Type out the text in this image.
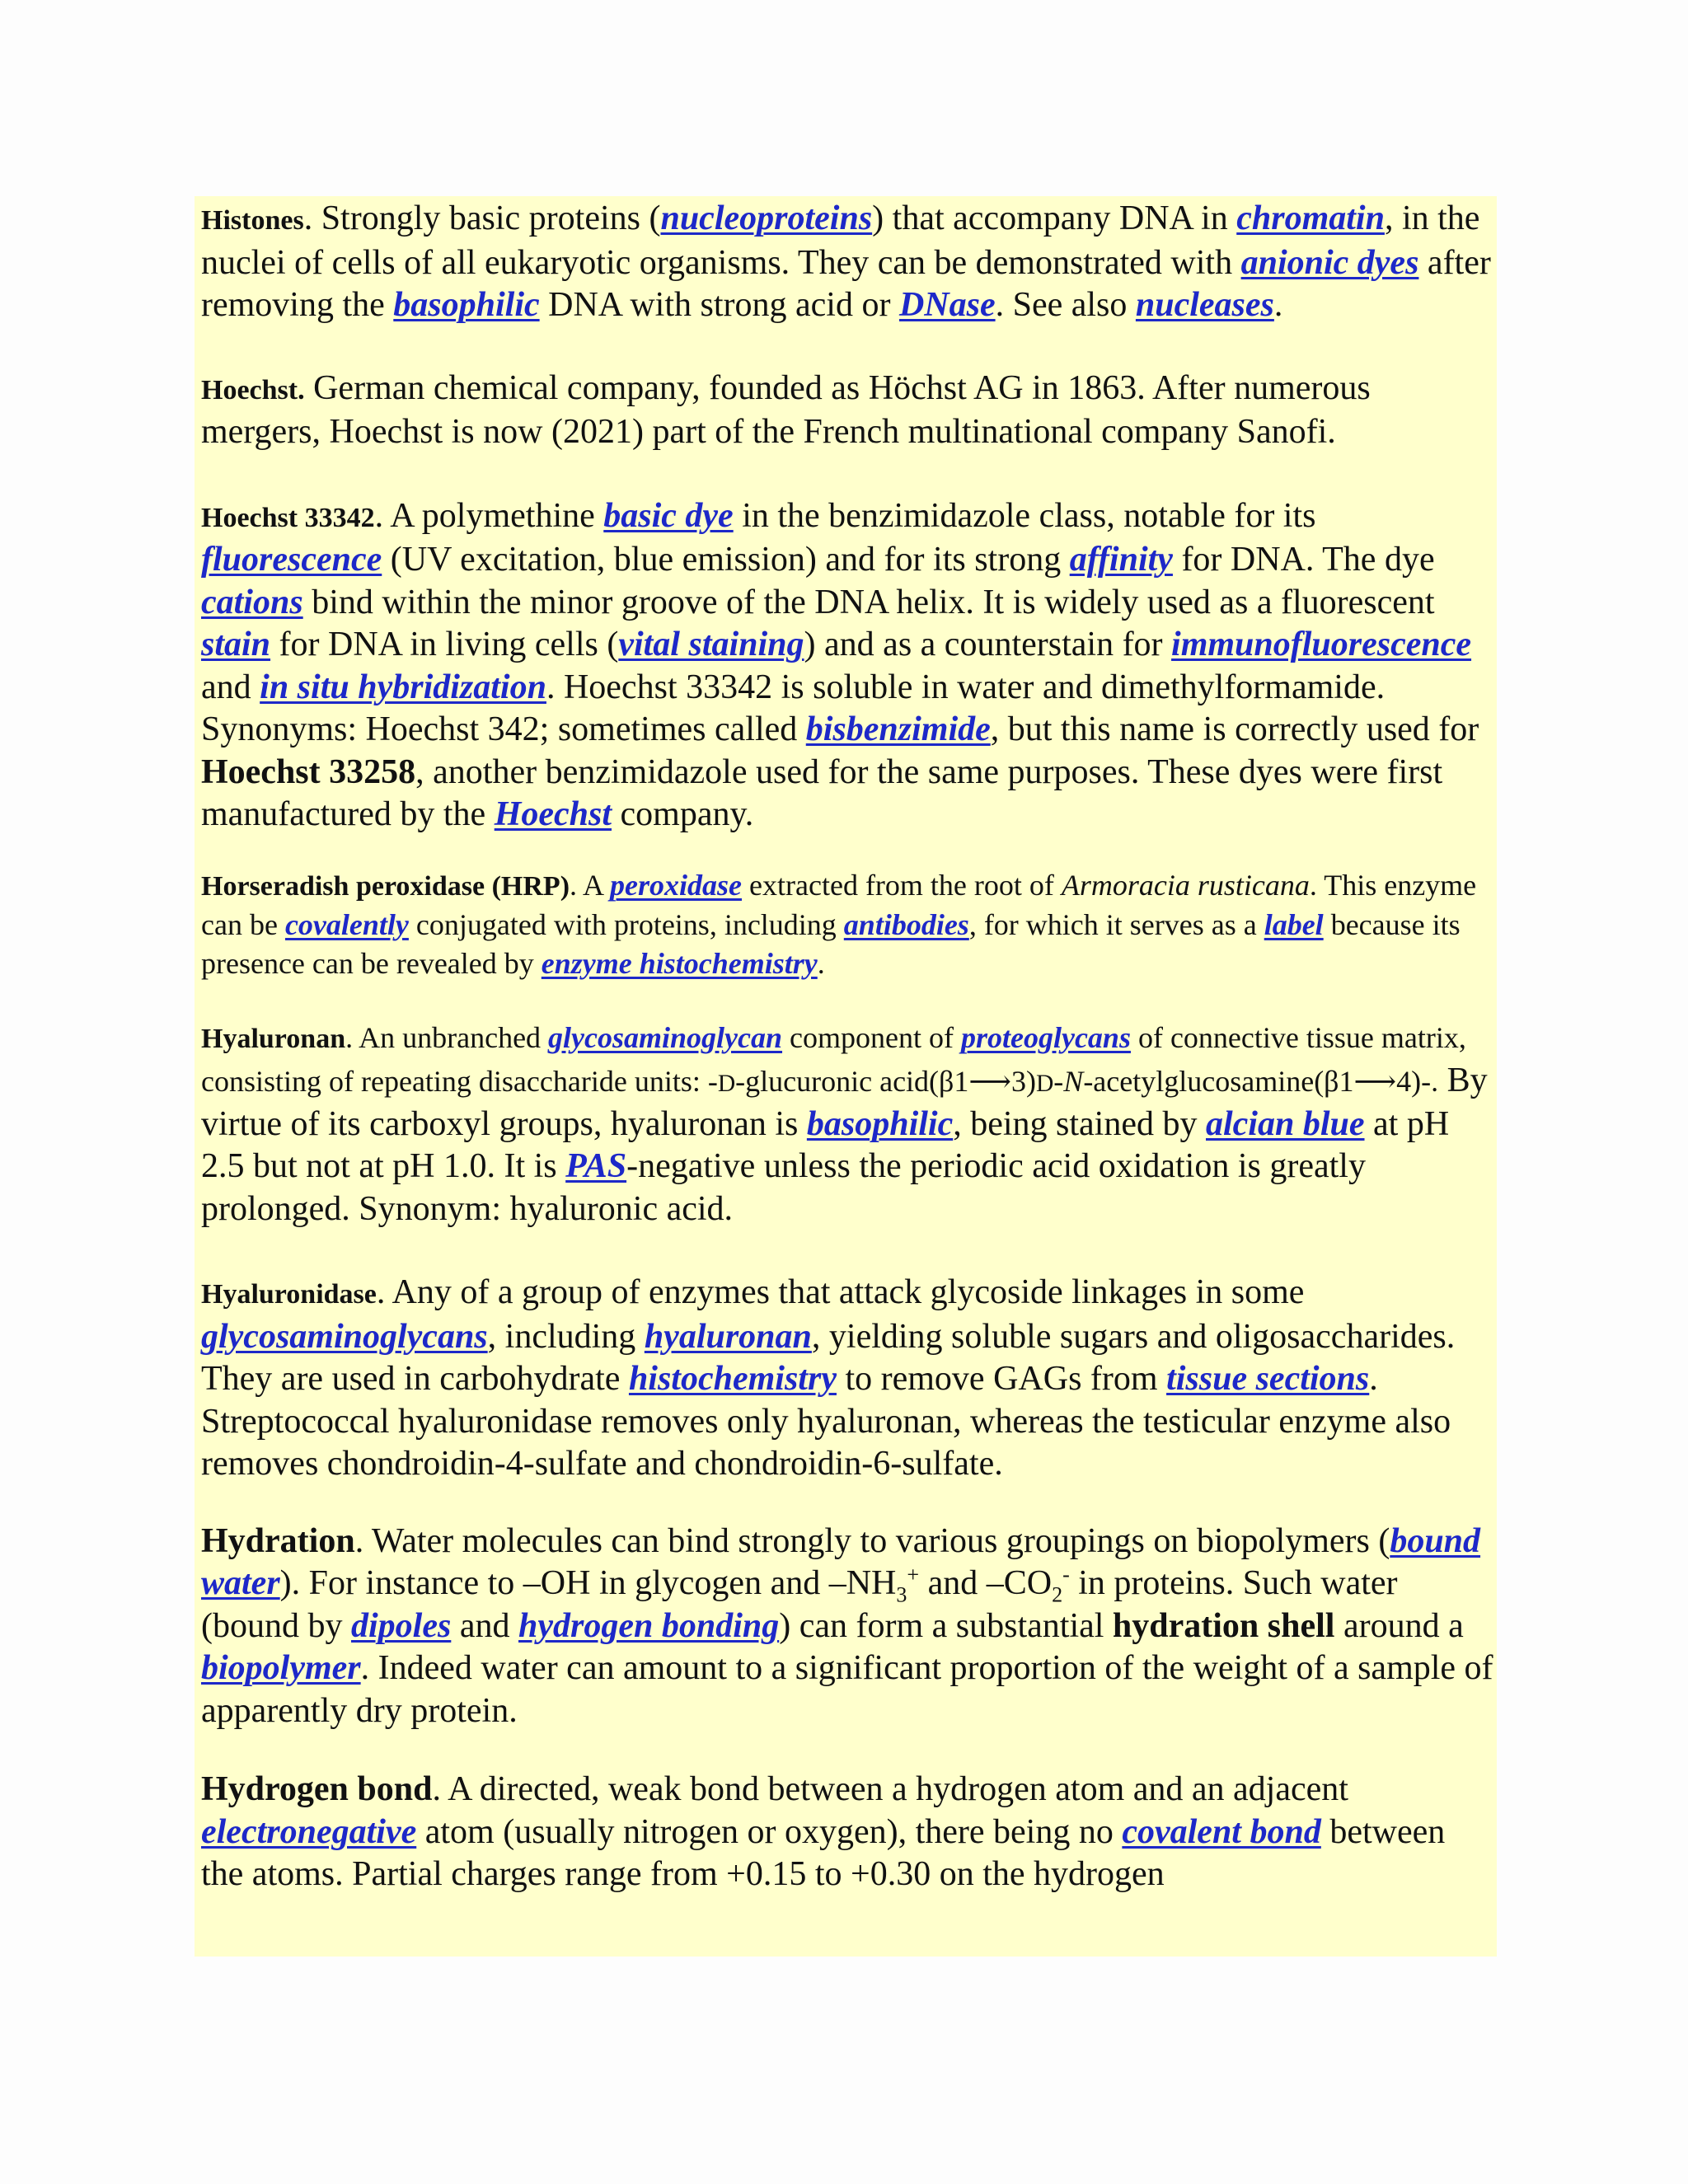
Histones. Strongly basic proteins (nucleoproteins) that accompany DNA in chromatin, in the nuclei of cells of all eukaryotic organisms. They can be demonstrated with anionic dyes after removing the basophilic DNA with strong acid or DNase. See also nucleases.

Hoechst. German chemical company, founded as Höchst AG in 1863. After numerous mergers, Hoechst is now (2021) part of the French multinational company Sanofi.

Hoechst 33342. A polymethine basic dye in the benzimidazole class, notable for its fluorescence (UV excitation, blue emission) and for its strong affinity for DNA. The dye cations bind within the minor groove of the DNA helix. It is widely used as a fluorescent stain for DNA in living cells (vital staining) and as a counterstain for immunofluorescence and in situ hybridization. Hoechst 33342 is soluble in water and dimethylformamide. Synonyms: Hoechst 342; sometimes called bisbenzimide, but this name is correctly used for Hoechst 33258, another benzimidazole used for the same purposes. These dyes were first manufactured by the Hoechst company.

Horseradish peroxidase (HRP). A peroxidase extracted from the root of Armoracia rusticana. This enzyme can be covalently conjugated with proteins, including antibodies, for which it serves as a label because its presence can be revealed by enzyme histochemistry.

Hyaluronan. An unbranched glycosaminoglycan component of proteoglycans of connective tissue matrix, consisting of repeating disaccharide units: -D-glucuronic acid(β1⟶3)D-N-acetylglucosamine(β1⟶4)-. By virtue of its carboxyl groups, hyaluronan is basophilic, being stained by alcian blue at pH 2.5 but not at pH 1.0. It is PAS-negative unless the periodic acid oxidation is greatly prolonged. Synonym: hyaluronic acid.

Hyaluronidase. Any of a group of enzymes that attack glycoside linkages in some glycosaminoglycans, including hyaluronan, yielding soluble sugars and oligosaccharides. They are used in carbohydrate histochemistry to remove GAGs from tissue sections. Streptococcal hyaluronidase removes only hyaluronan, whereas the testicular enzyme also removes chondroidin-4-sulfate and chondroidin-6-sulfate.

Hydration. Water molecules can bind strongly to various groupings on biopolymers (bound water). For instance to –OH in glycogen and $-NH_3^+$ and $-CO_2^-$ in proteins. Such water (bound by dipoles and hydrogen bonding) can form a substantial hydration shell around a biopolymer. Indeed water can amount to a significant proportion of the weight of a sample of apparently dry protein.

Hydrogen bond. A directed, weak bond between a hydrogen atom and an adjacent electronegative atom (usually nitrogen or oxygen), there being no covalent bond between the atoms. Partial charges range from +0.15 to +0.30 on the hydrogen
